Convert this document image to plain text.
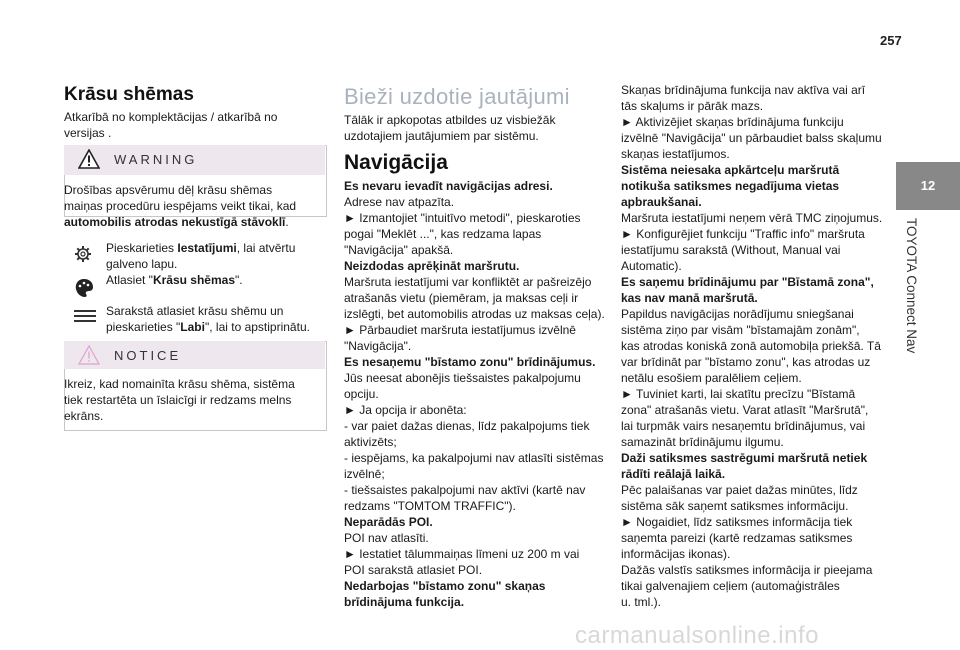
257
12
TOYOTA Connect Nav
Krāsu shēmas

Atkarībā no komplektācijas / atkarībā no

versijas .

WARNING

Drošības apsvērumu dēļ krāsu shēmas

maiņas procedūru iespējams veikt tikai, kad

automobilis atrodas nekustīgā stāvoklī.

Pieskarieties Iestatījumi, lai atvērtu

galveno lapu.

Atlasiet "Krāsu shēmas".

Sarakstā atlasiet krāsu shēmu un

pieskarieties "Labi", lai to apstiprinātu.

NOTICE

Ikreiz, kad nomainīta krāsu shēma, sistēma

tiek restartēta un īslaicīgi ir redzams melns

ekrāns.

Bieži uzdotie jautājumi

Tālāk ir apkopotas atbildes uz visbiežāk

uzdotajiem jautājumiem par sistēmu.

Navigācija

Es nevaru ievadīt navigācijas adresi.

Adrese nav atpazīta.

► Izmantojiet "intuitīvo metodi", pieskaroties

pogai "Meklēt ...", kas redzama lapas

"Navigācija" apakšā.

Neizdodas aprēķināt maršrutu.

Maršruta iestatījumi var konfliktēt ar pašreizējo

atrašanās vietu (piemēram, ja maksas ceļi ir

izslēgti, bet automobilis atrodas uz maksas ceļa).

► Pārbaudiet maršruta iestatījumus izvēlnē

"Navigācija".

Es nesaņemu "bīstamo zonu" brīdinājumus.

Jūs neesat abonējis tiešsaistes pakalpojumu

opciju.

► Ja opcija ir abonēta:

- var paiet dažas dienas, līdz pakalpojums tiek

aktivizēts;

- iespējams, ka pakalpojumi nav atlasīti sistēmas

izvēlnē;

- tiešsaistes pakalpojumi nav aktīvi (kartē nav

redzams "TOMTOM TRAFFIC").

Neparādās POI.

POI nav atlasīti.

► Iestatiet tālummaiņas līmeni uz 200 m vai

POI sarakstā atlasiet POI.

Nedarbojas "bīstamo zonu" skaņas

brīdinājuma funkcija.

Skaņas brīdinājuma funkcija nav aktīva vai arī

tās skaļums ir pārāk mazs.

► Aktivizējiet skaņas brīdinājuma funkciju

izvēlnē "Navigācija" un pārbaudiet balss skaļumu

skaņas iestatījumos.

Sistēma neiesaka apkārtceļu maršrutā

notikuša satiksmes negadījuma vietas

apbraukšanai.

Maršruta iestatījumi neņem vērā TMC ziņojumus.

► Konfigurējiet funkciju "Traffic info" maršruta

iestatījumu sarakstā (Without, Manual vai

Automatic).

Es saņemu brīdinājumu par "Bīstamā zona",

kas nav manā maršrutā.

Papildus navigācijas norādījumu sniegšanai

sistēma ziņo par visām "bīstamajām zonām",

kas atrodas koniskā zonā automobiļa priekšā. Tā

var brīdināt par "bīstamo zonu", kas atrodas uz

netālu esošiem paralēliem ceļiem.

► Tuviniet karti, lai skatītu precīzu "Bīstamā

zona" atrašanās vietu. Varat atlasīt "Maršrutā",

lai turpmāk vairs nesaņemtu brīdinājumus, vai

samazināt brīdinājumu ilgumu.

Daži satiksmes sastrēgumi maršrutā netiek

rādīti reālajā laikā.

Pēc palaišanas var paiet dažas minūtes, līdz

sistēma sāk saņemt satiksmes informāciju.

► Nogaidiet, līdz satiksmes informācija tiek

saņemta pareizi (kartē redzamas satiksmes

informācijas ikonas).

Dažās valstīs satiksmes informācija ir pieejama

tikai galvenajiem ceļiem (automaģistrāles

u. tml.).

carmanualsonline.info
